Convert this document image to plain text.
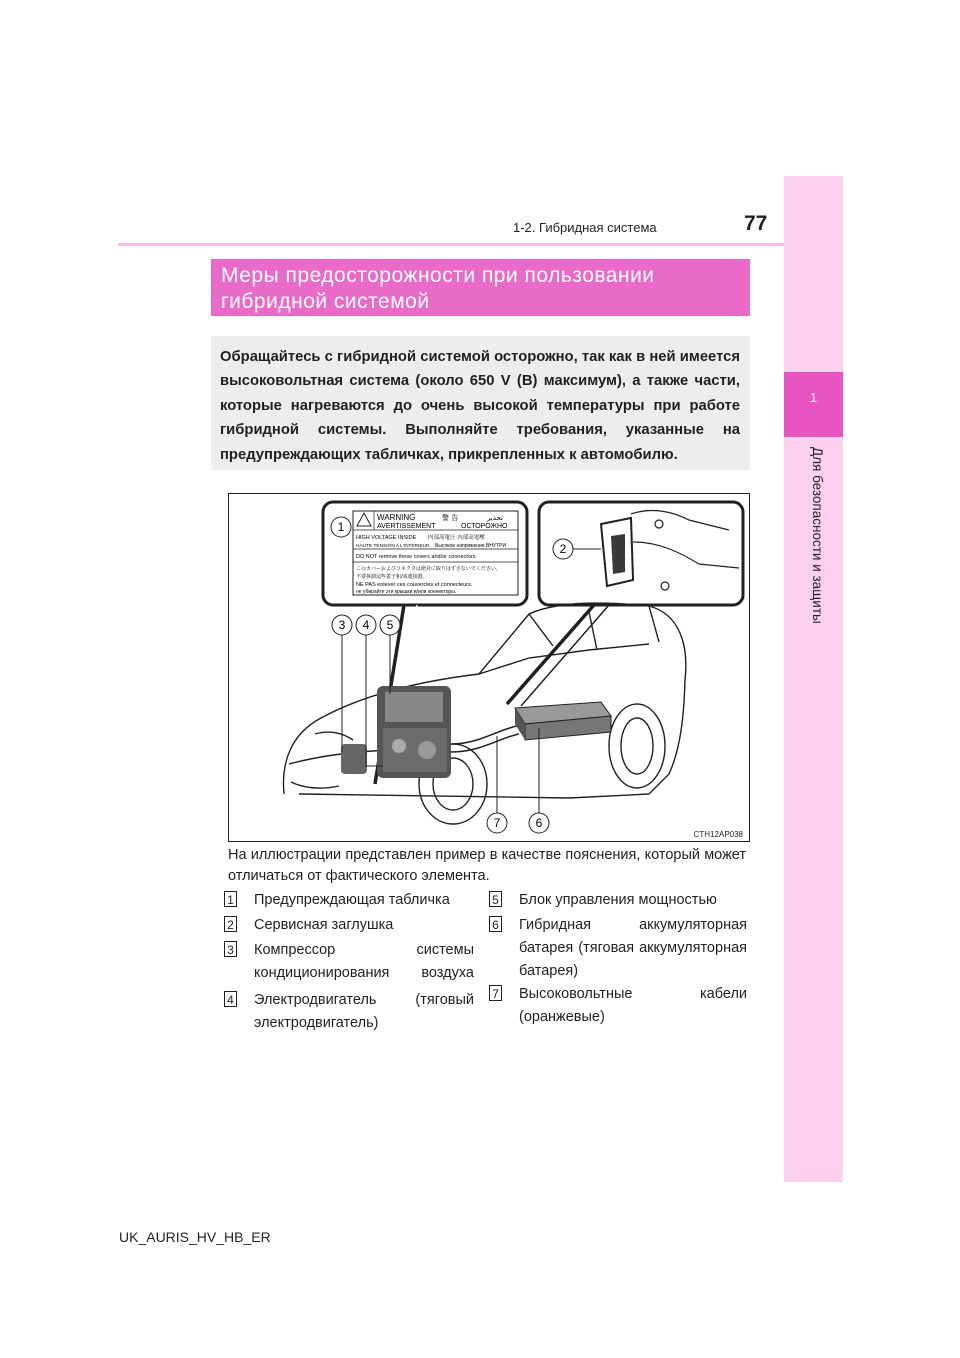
1
Для безопасности и защиты
1-2. Гибридная система	77
Меры предосторожности при пользовании
гибридной системой

Обращайтесь с гибридной системой осторожно, так как в ней имеется высоковольтная система (около 650 V (В) максимум), а также части, которые нагреваются до очень высокой температуры при работе гибридной системы. Выполняйте требования, указанные на предупреждающих табличках, прикрепленных к автомобилю.

WARNING	警 告	تحذير
AVERTISSEMENT	ОСТОРОЖНО
HIGH VOLTAGE INSIDE 内部高電圧 內部高電壓
HAUTE TENSION A L'INTERIEUR Высокое напряжение ВНУТРИ
DO NOT remove these covers and/or connectors.
このカバーおよびコネクタは絶対に取りはずさないでください。
不要拆卸這些蓋子和/或連接器。
NE PAS enlever ces couvercles et connecteurs.
не убирайте эти крышки и/или коннекторы.
1
2
3 4 5
6
7
CTH12AP038
На иллюстрации представлен пример в качестве пояснения, который может отличаться от фактического элемента.
1 Предупреждающая табличка
2 Сервисная заглушка
3 Компрессор системы кондиционирования воздуха
4 Электродвигатель (тяговый электродвигатель)
5 Блок управления мощностью
6 Гибридная аккумуляторная батарея (тяговая аккумуляторная батарея)
7 Высоковольтные кабели (оранжевые)
UK_AURIS_HV_HB_ER
